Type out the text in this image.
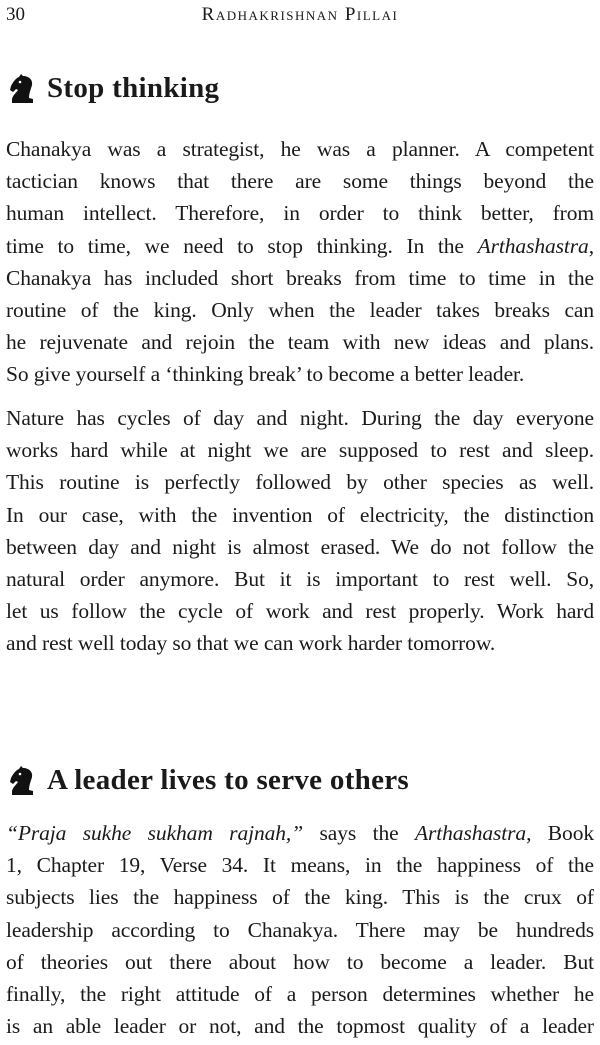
30	Radhakrishnan Pillai
Stop thinking
Chanakya was a strategist, he was a planner. A competent
tactician knows that there are some things beyond the
human intellect. Therefore, in order to think better, from
time to time, we need to stop thinking. In the Arthashastra,
Chanakya has included short breaks from time to time in the
routine of the king. Only when the leader takes breaks can
he rejuvenate and rejoin the team with new ideas and plans.
So give yourself a ‘thinking break’ to become a better leader.
Nature has cycles of day and night. During the day everyone
works hard while at night we are supposed to rest and sleep.
This routine is perfectly followed by other species as well.
In our case, with the invention of electricity, the distinction
between day and night is almost erased. We do not follow the
natural order anymore. But it is important to rest well. So,
let us follow the cycle of work and rest properly. Work hard
and rest well today so that we can work harder tomorrow.
A leader lives to serve others
“Praja sukhe sukham rajnah,” says the Arthashastra, Book
1, Chapter 19, Verse 34. It means, in the happiness of the
subjects lies the happiness of the king. This is the crux of
leadership according to Chanakya. There may be hundreds
of theories out there about how to become a leader. But
finally, the right attitude of a person determines whether he
is an able leader or not, and the topmost quality of a leader
